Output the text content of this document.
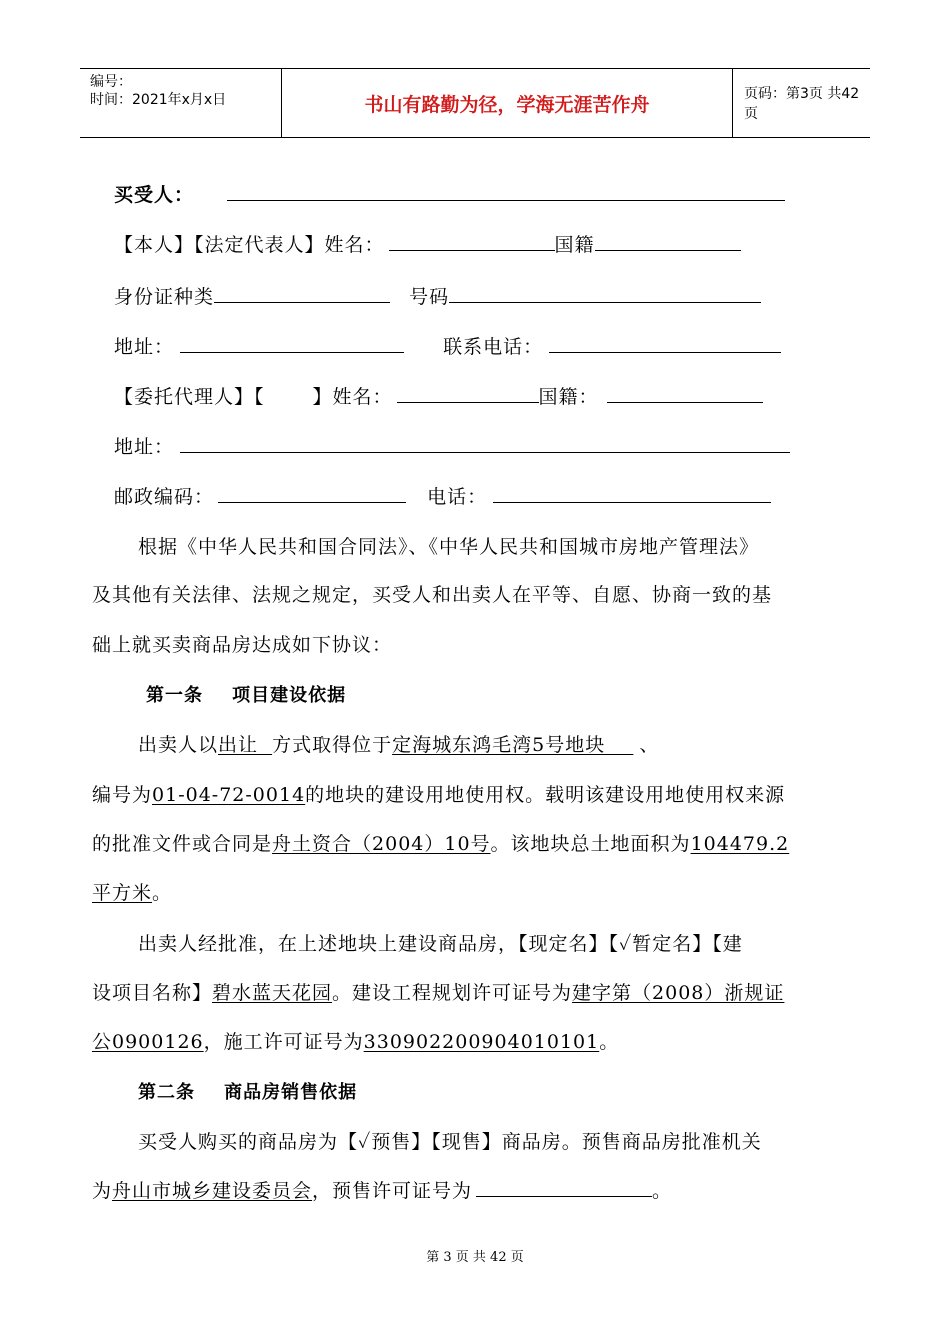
编号：
时间：2021年x月x日	书山有路勤为径，学海无涯苦作舟	页码：第3页 共42页
买受人：
【本人】【法定代表人】姓名：	国籍
身份证种类	号码
地址：	联系电话：
【委托代理人】【	】姓名：	国籍：
地址：
邮政编码：	电话：
根据《中华人民共和国合同法》、《中华人民共和国城市房地产管理法》
及其他有关法律、法规之规定，买受人和出卖人在平等、自愿、协商一致的基
础上就买卖商品房达成如下协议：
第一条    项目建设依据
出卖人以出让  方式取得位于定海城东鸿毛湾5号地块    、
编号为01-04-72-0014的地块的建设用地使用权。载明该建设用地使用权来源
的批准文件或合同是舟土资合（2004）10号。该地块总土地面积为104479.2
平方米。
出卖人经批准，在上述地块上建设商品房，【现定名】【✓暂定名】【建
设项目名称】碧水蓝天花园。建设工程规划许可证号为建字第（2008）浙规证
公0900126，施工许可证号为330902200904010101。
第二条    商品房销售依据
买受人购买的商品房为【✓预售】【现售】商品房。预售商品房批准机关
为舟山市城乡建设委员会，预售许可证号为	。
第 3 页 共 42 页
